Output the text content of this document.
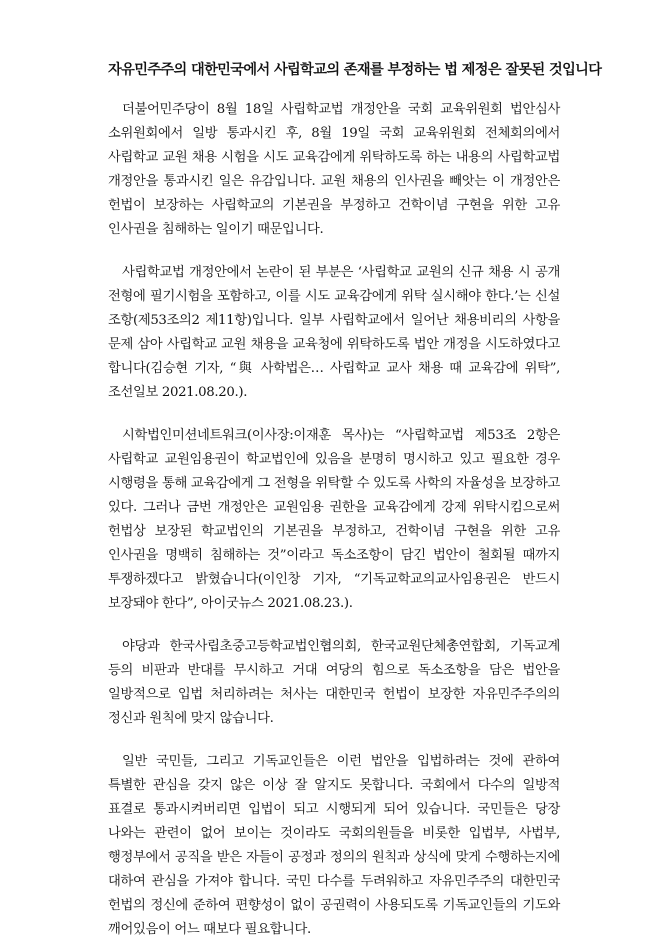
자유민주주의 대한민국에서 사립학교의 존재를 부정하는 법 제정은 잘못된 것입니다

더불어민주당이 8월 18일 사립학교법 개정안을 국회 교육위원회 법안심사 소위원회에서 일방 통과시킨 후, 8월 19일 국회 교육위원회 전체회의에서 사립학교 교원 채용 시험을 시도 교육감에게 위탁하도록 하는 내용의 사립학교법 개정안을 통과시킨 일은 유감입니다. 교원 채용의 인사권을 빼앗는 이 개정안은 헌법이 보장하는 사립학교의 기본권을 부정하고 건학이념 구현을 위한 고유 인사권을 침해하는 일이기 때문입니다.

사립학교법 개정안에서 논란이 된 부분은 ‘사립학교 교원의 신규 채용 시 공개 전형에 필기시험을 포함하고, 이를 시도 교육감에게 위탁 실시해야 한다.’는 신설 조항(제53조의2 제11항)입니다. 일부 사립학교에서 일어난 채용비리의 사항을 문제 삼아 사립학교 교원 채용을 교육청에 위탁하도록 법안 개정을 시도하였다고 합니다(김승현 기자, “與 사학법은… 사립학교 교사 채용 때 교육감에 위탁”, 조선일보 2021.08.20.).

시학법인미션네트워크(이사장:이재훈 목사)는 “사립학교법 제53조 2항은 사립학교 교원임용권이 학교법인에 있음을 분명히 명시하고 있고 필요한 경우 시행령을 통해 교육감에게 그 전형을 위탁할 수 있도록 사학의 자율성을 보장하고 있다. 그러나 금번 개정안은 교원임용 권한을 교육감에게 강제 위탁시킴으로써 헌법상 보장된 학교법인의 기본권을 부정하고, 건학이념 구현을 위한 고유 인사권을 명백히 침해하는 것”이라고 독소조항이 담긴 법안이 철회될 때까지 투쟁하겠다고 밝혔습니다(이인창 기자, “기독교학교의교사임용권은 반드시 보장돼야 한다”, 아이굿뉴스 2021.08.23.).

야당과 한국사립초중고등학교법인협의회, 한국교원단체총연합회, 기독교계 등의 비판과 반대를 무시하고 거대 여당의 힘으로 독소조항을 담은 법안을 일방적으로 입법 처리하려는 처사는 대한민국 헌법이 보장한 자유민주주의의 정신과 원칙에 맞지 않습니다.

일반 국민들, 그리고 기독교인들은 이런 법안을 입법하려는 것에 관하여 특별한 관심을 갖지 않은 이상 잘 알지도 못합니다. 국회에서 다수의 일방적 표결로 통과시켜버리면 입법이 되고 시행되게 되어 있습니다. 국민들은 당장 나와는 관련이 없어 보이는 것이라도 국회의원들을 비롯한 입법부, 사법부, 행정부에서 공직을 받은 자들이 공정과 정의의 원칙과 상식에 맞게 수행하는지에 대하여 관심을 가져야 합니다. 국민 다수를 두려워하고 자유민주주의 대한민국 헌법의 정신에 준하여 편향성이 없이 공권력이 사용되도록 기독교인들의 기도와 깨어있음이 어느 때보다 필요합니다.
